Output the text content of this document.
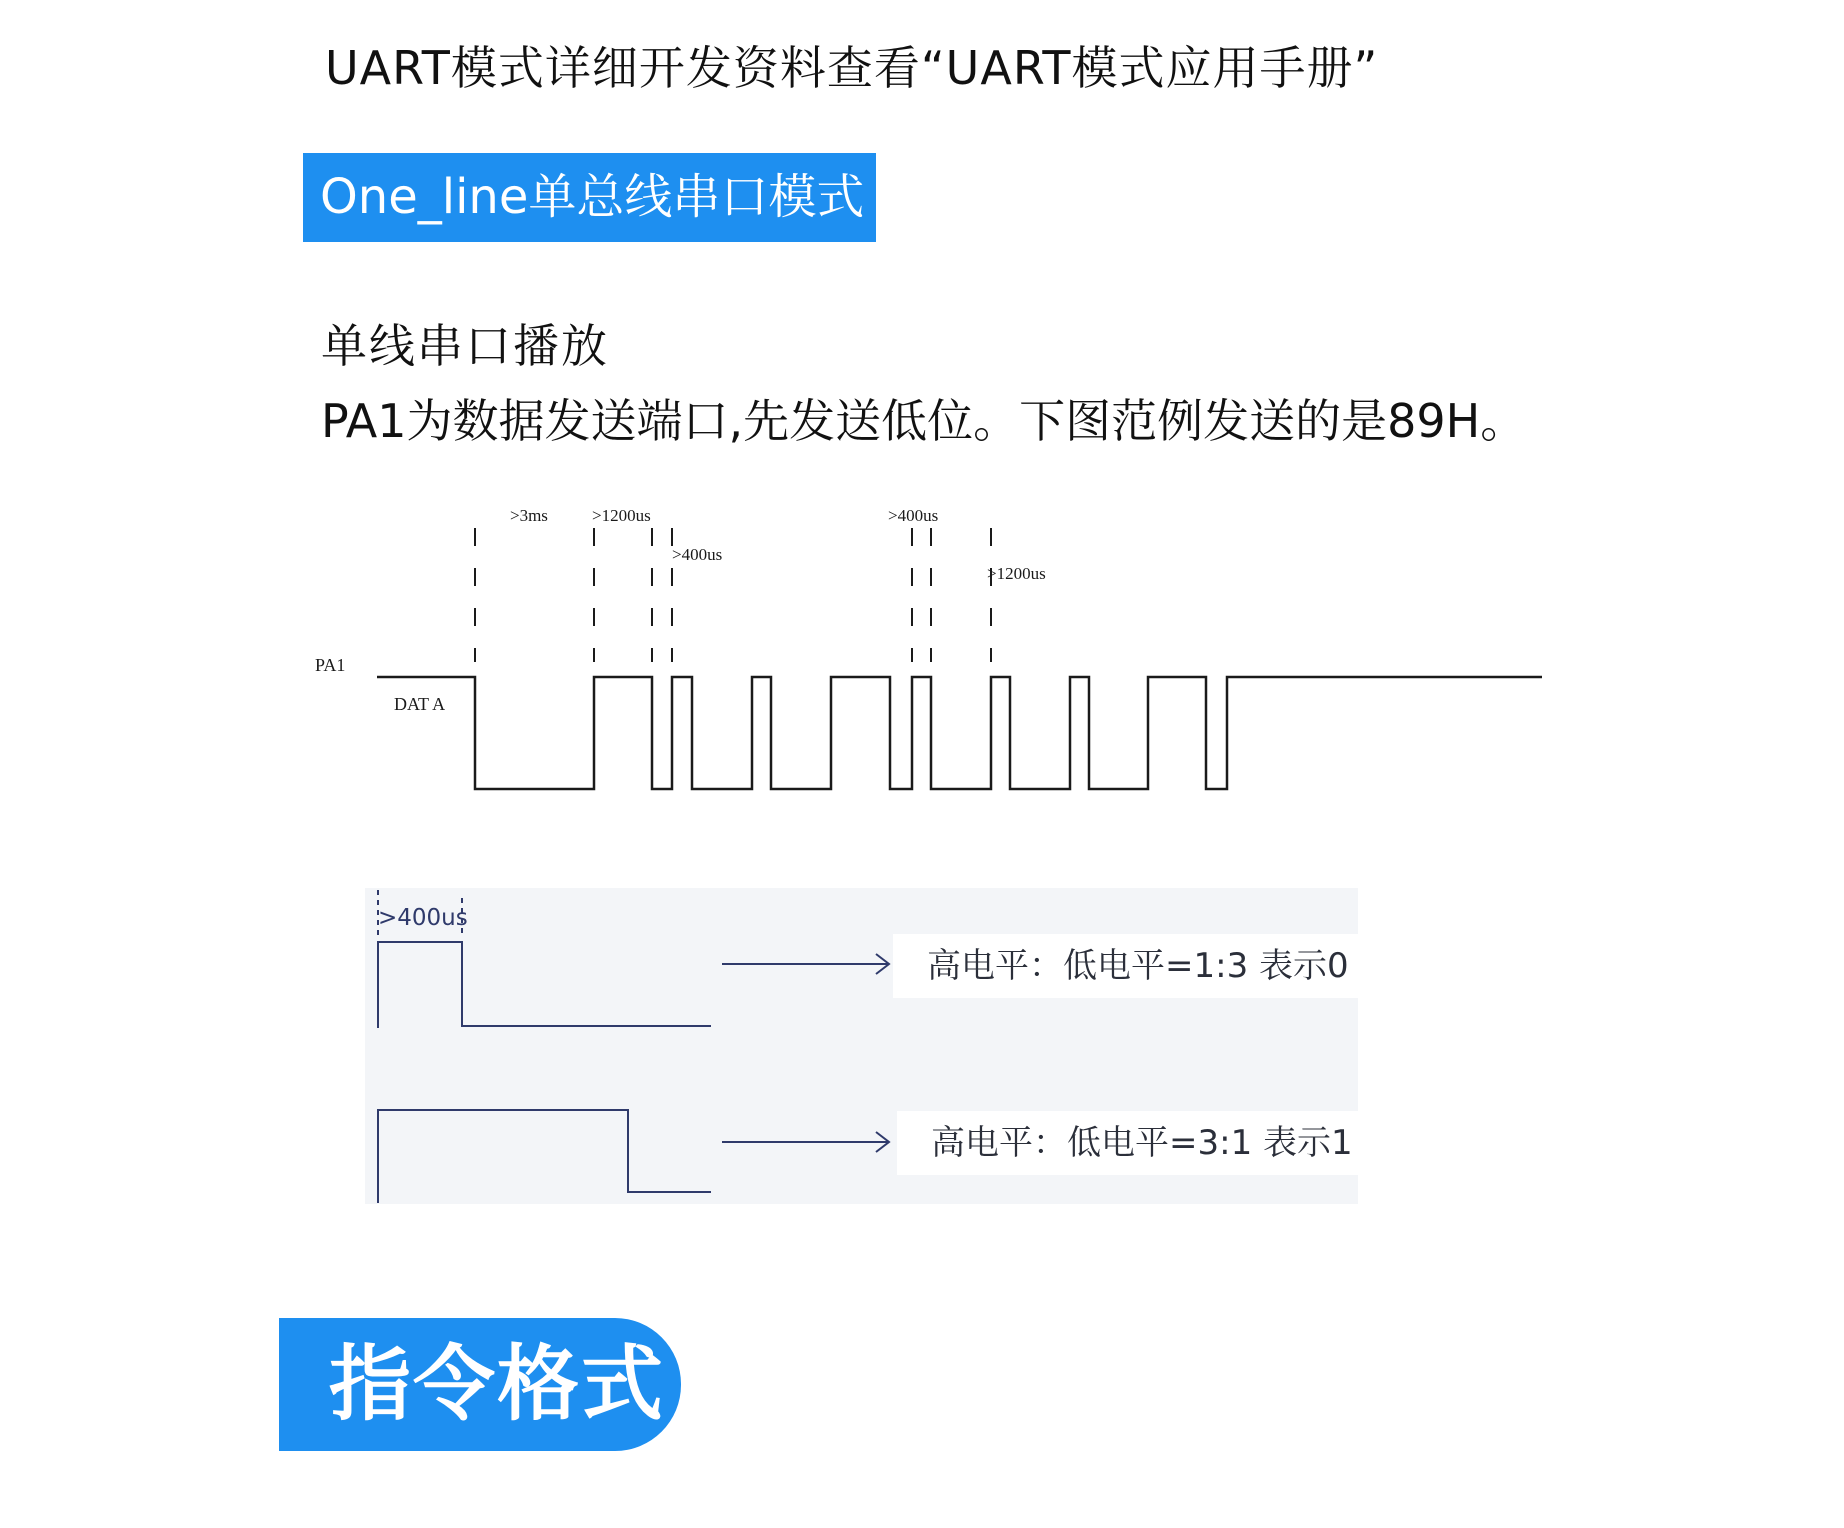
UART模式详细开发资料查看“UART模式应用手册”
One_line单总线串口模式
单线串口播放
PA1为数据发送端口,先发送低位。下图范例发送的是89H。
>3ms	>1200us
>400us
>400us
>1200us
PA1
DAT A
高电平：低电平=1:3 表示0
高电平：低电平=3:1 表示1
>400us
指令格式
